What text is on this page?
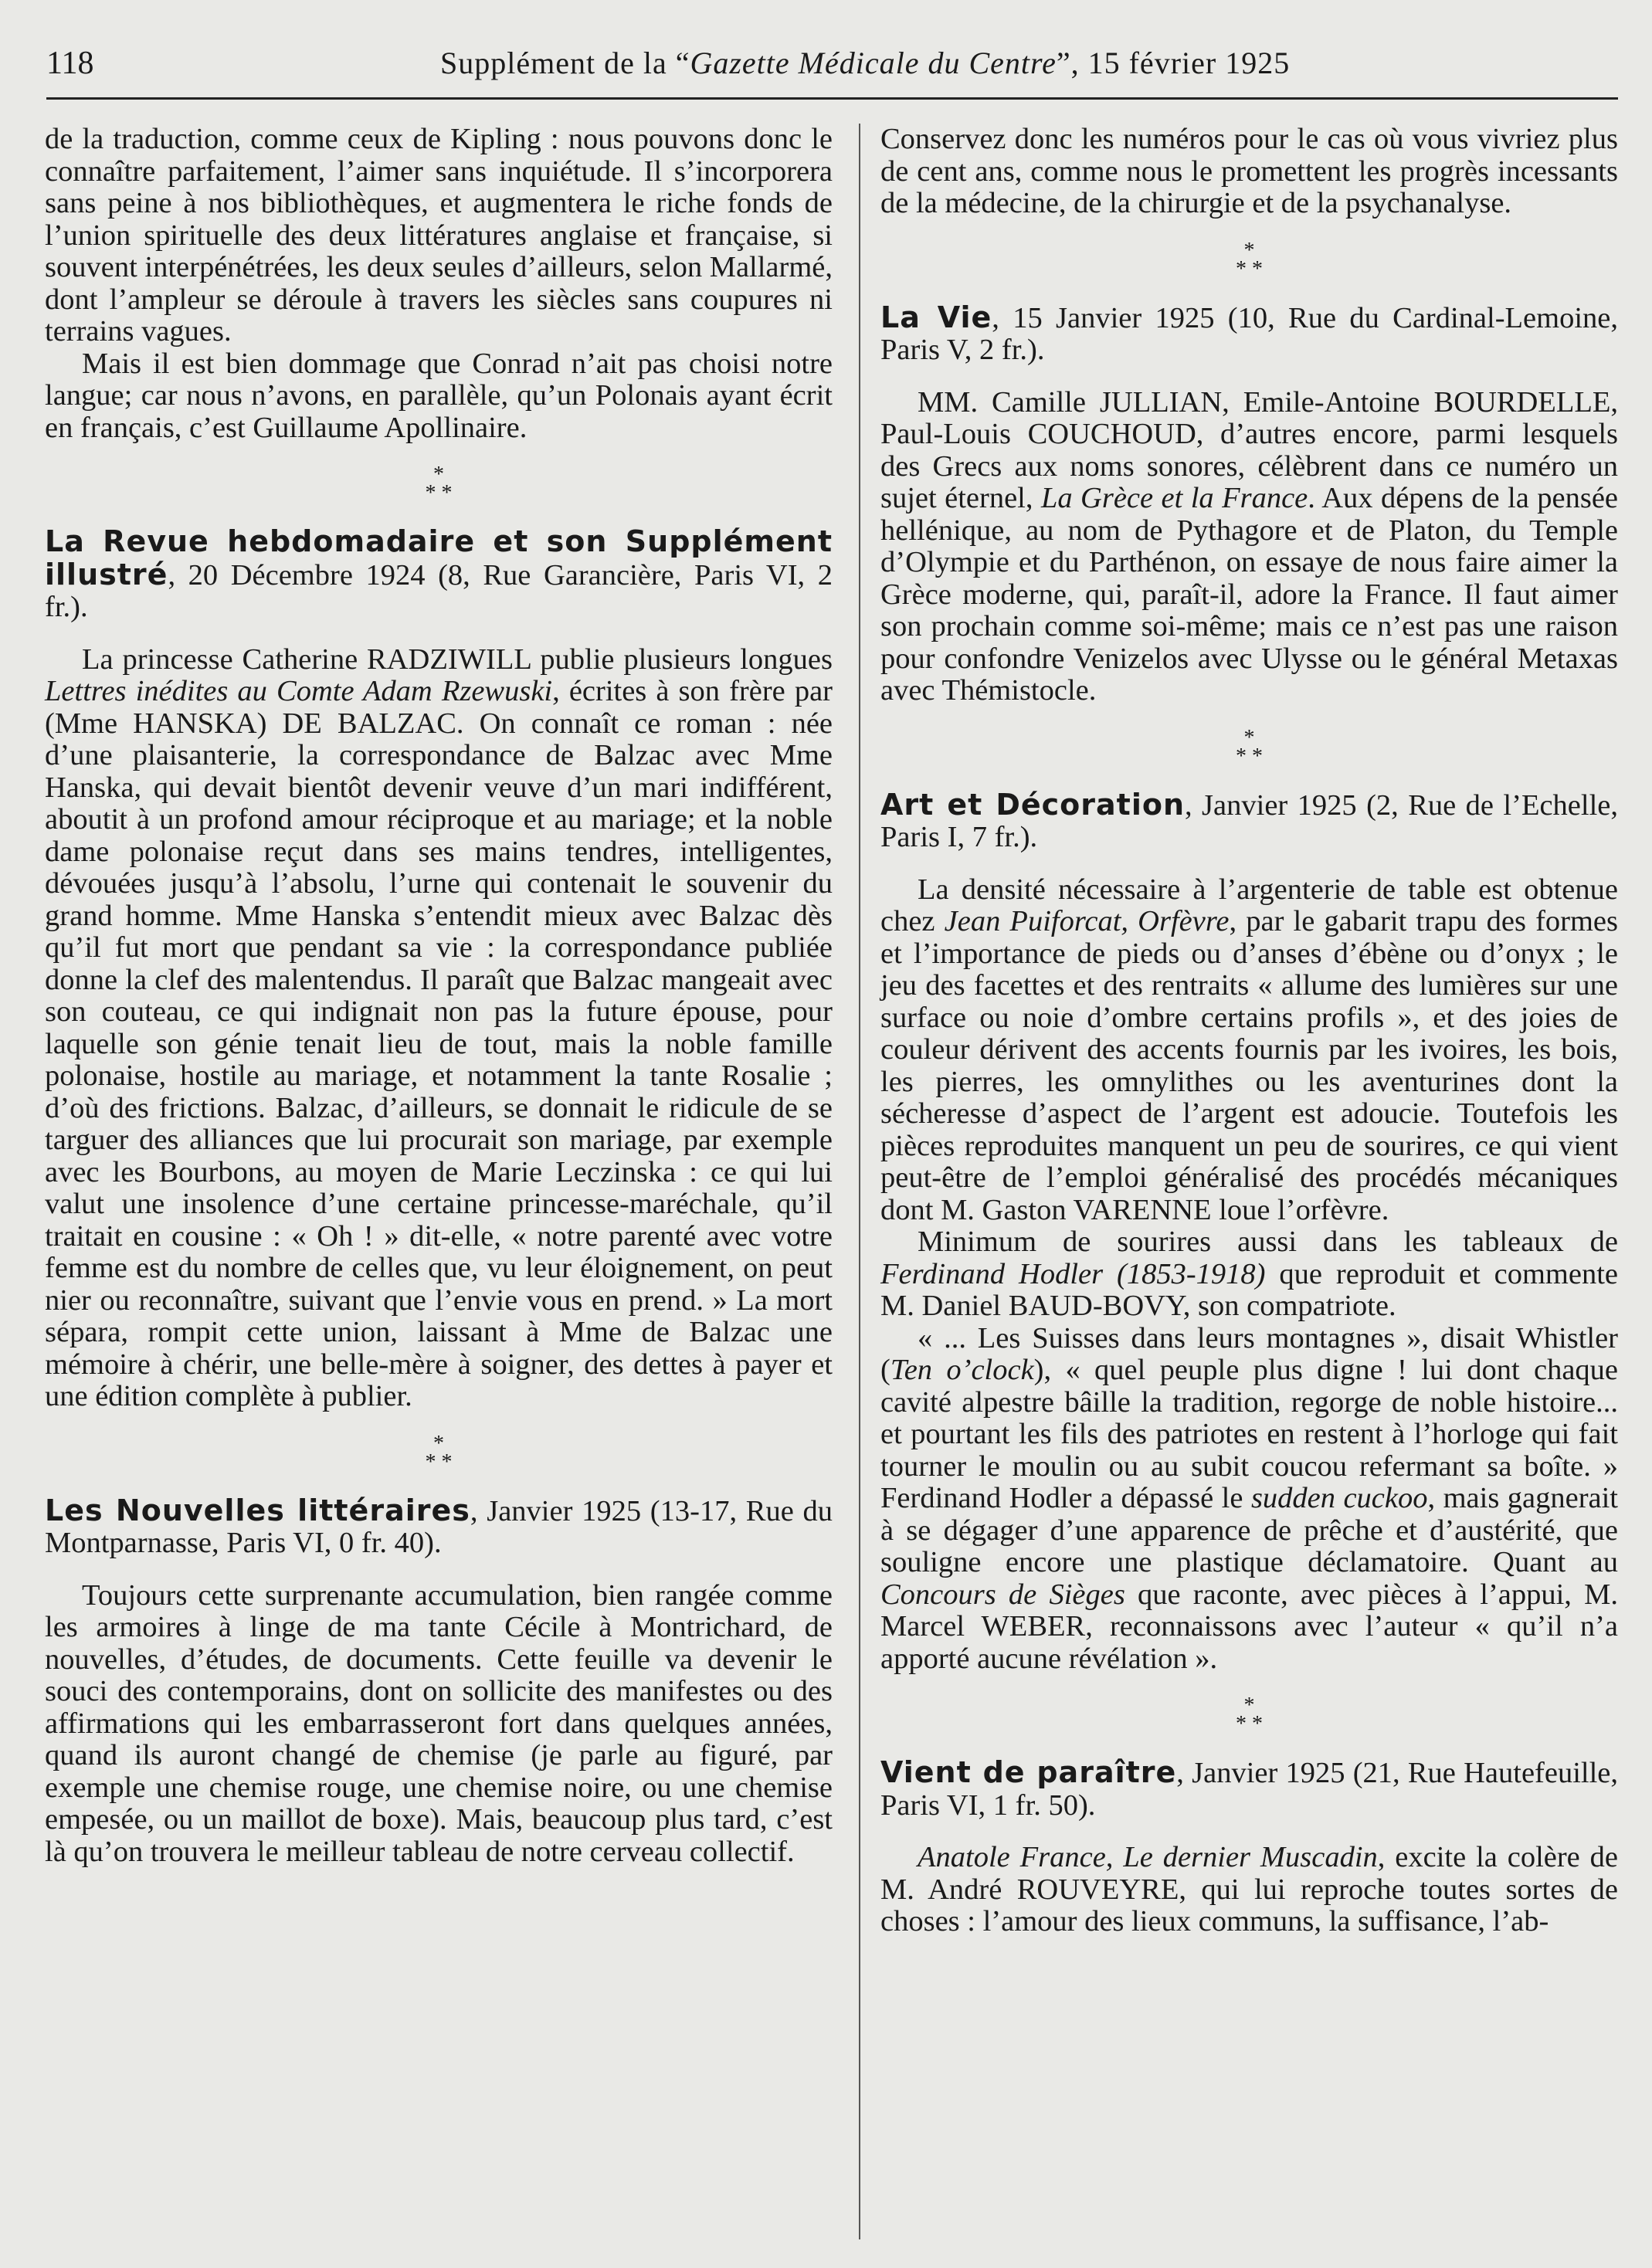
118	Supplément de la “Gazette Médicale du Centre”, 15 février 1925

de la traduction, comme ceux de Kipling : nous pouvons donc le connaître parfaitement, l’aimer sans inquiétude. Il s’incorporera sans peine à nos bibliothèques, et augmentera le riche fonds de l’union spirituelle des deux littératures anglaise et française, si souvent interpénétrées, les deux seules d’ailleurs, selon Mallarmé, dont l’ampleur se déroule à travers les siècles sans coupures ni terrains vagues.

Mais il est bien dommage que Conrad n’ait pas choisi notre langue; car nous n’avons, en parallèle, qu’un Polonais ayant écrit en français, c’est Guillaume Apollinaire.

*
* *

La Revue hebdomadaire et son Supplément illustré, 20 Décembre 1924 (8, Rue Garancière, Paris VI, 2 fr.).

La princesse Catherine RADZIWILL publie plusieurs longues Lettres inédites au Comte Adam Rzewuski, écrites à son frère par (Mme HANSKA) DE BALZAC. On connaît ce roman : née d’une plaisanterie, la correspondance de Balzac avec Mme Hanska, qui devait bientôt devenir veuve d’un mari indifférent, aboutit à un profond amour réciproque et au mariage; et la noble dame polonaise reçut dans ses mains tendres, intelligentes, dévouées jusqu’à l’absolu, l’urne qui contenait le souvenir du grand homme. Mme Hanska s’entendit mieux avec Balzac dès qu’il fut mort que pendant sa vie : la correspondance publiée donne la clef des malentendus. Il paraît que Balzac mangeait avec son couteau, ce qui indignait non pas la future épouse, pour laquelle son génie tenait lieu de tout, mais la noble famille polonaise, hostile au mariage, et notamment la tante Rosalie ; d’où des frictions. Balzac, d’ailleurs, se donnait le ridicule de se targuer des alliances que lui procurait son mariage, par exemple avec les Bourbons, au moyen de Marie Leczinska : ce qui lui valut une insolence d’une certaine princesse-maréchale, qu’il traitait en cousine : « Oh ! » dit-elle, « notre parenté avec votre femme est du nombre de celles que, vu leur éloignement, on peut nier ou reconnaître, suivant que l’envie vous en prend. » La mort sépara, rompit cette union, laissant à Mme de Balzac une mémoire à chérir, une belle-mère à soigner, des dettes à payer et une édition complète à publier.

*
* *

Les Nouvelles littéraires, Janvier 1925 (13-17, Rue du Montparnasse, Paris VI, 0 fr. 40).

Toujours cette surprenante accumulation, bien rangée comme les armoires à linge de ma tante Cécile à Montrichard, de nouvelles, d’études, de documents. Cette feuille va devenir le souci des contemporains, dont on sollicite des manifestes ou des affirmations qui les embarrasseront fort dans quelques années, quand ils auront changé de chemise (je parle au figuré, par exemple une chemise rouge, une chemise noire, ou une chemise empesée, ou un maillot de boxe). Mais, beaucoup plus tard, c’est là qu’on trouvera le meilleur tableau de notre cerveau collectif.

Conservez donc les numéros pour le cas où vous vivriez plus de cent ans, comme nous le promettent les progrès incessants de la médecine, de la chirurgie et de la psychanalyse.

*
* *

La Vie, 15 Janvier 1925 (10, Rue du Cardinal-Lemoine, Paris V, 2 fr.).

MM. Camille JULLIAN, Emile-Antoine BOURDELLE, Paul-Louis COUCHOUD, d’autres encore, parmi lesquels des Grecs aux noms sonores, célèbrent dans ce numéro un sujet éternel, La Grèce et la France. Aux dépens de la pensée hellénique, au nom de Pythagore et de Platon, du Temple d’Olympie et du Parthénon, on essaye de nous faire aimer la Grèce moderne, qui, paraît-il, adore la France. Il faut aimer son prochain comme soi-même; mais ce n’est pas une raison pour confondre Venizelos avec Ulysse ou le général Metaxas avec Thémistocle.

*
* *

Art et Décoration, Janvier 1925 (2, Rue de l’Echelle, Paris I, 7 fr.).

La densité nécessaire à l’argenterie de table est obtenue chez Jean Puiforcat, Orfèvre, par le gabarit trapu des formes et l’importance de pieds ou d’anses d’ébène ou d’onyx ; le jeu des facettes et des rentraits « allume des lumières sur une surface ou noie d’ombre certains profils », et des joies de couleur dérivent des accents fournis par les ivoires, les bois, les pierres, les omnylithes ou les aventurines dont la sécheresse d’aspect de l’argent est adoucie. Toutefois les pièces reproduites manquent un peu de sourires, ce qui vient peut-être de l’emploi généralisé des procédés mécaniques dont M. Gaston VARENNE loue l’orfèvre.

Minimum de sourires aussi dans les tableaux de Ferdinand Hodler (1853-1918) que reproduit et commente M. Daniel BAUD-BOVY, son compatriote.

« ... Les Suisses dans leurs montagnes », disait Whistler (Ten o’clock), « quel peuple plus digne ! lui dont chaque cavité alpestre bâille la tradition, regorge de noble histoire... et pourtant les fils des patriotes en restent à l’horloge qui fait tourner le moulin ou au subit coucou refermant sa boîte. » Ferdinand Hodler a dépassé le sudden cuckoo, mais gagnerait à se dégager d’une apparence de prêche et d’austérité, que souligne encore une plastique déclamatoire. Quant au Concours de Sièges que raconte, avec pièces à l’appui, M. Marcel WEBER, reconnaissons avec l’auteur « qu’il n’a apporté aucune révélation ».

*
* *

Vient de paraître, Janvier 1925 (21, Rue Hautefeuille, Paris VI, 1 fr. 50).

Anatole France, Le dernier Muscadin, excite la colère de M. André ROUVEYRE, qui lui reproche toutes sortes de choses : l’amour des lieux communs, la suffisance, l’ab-
